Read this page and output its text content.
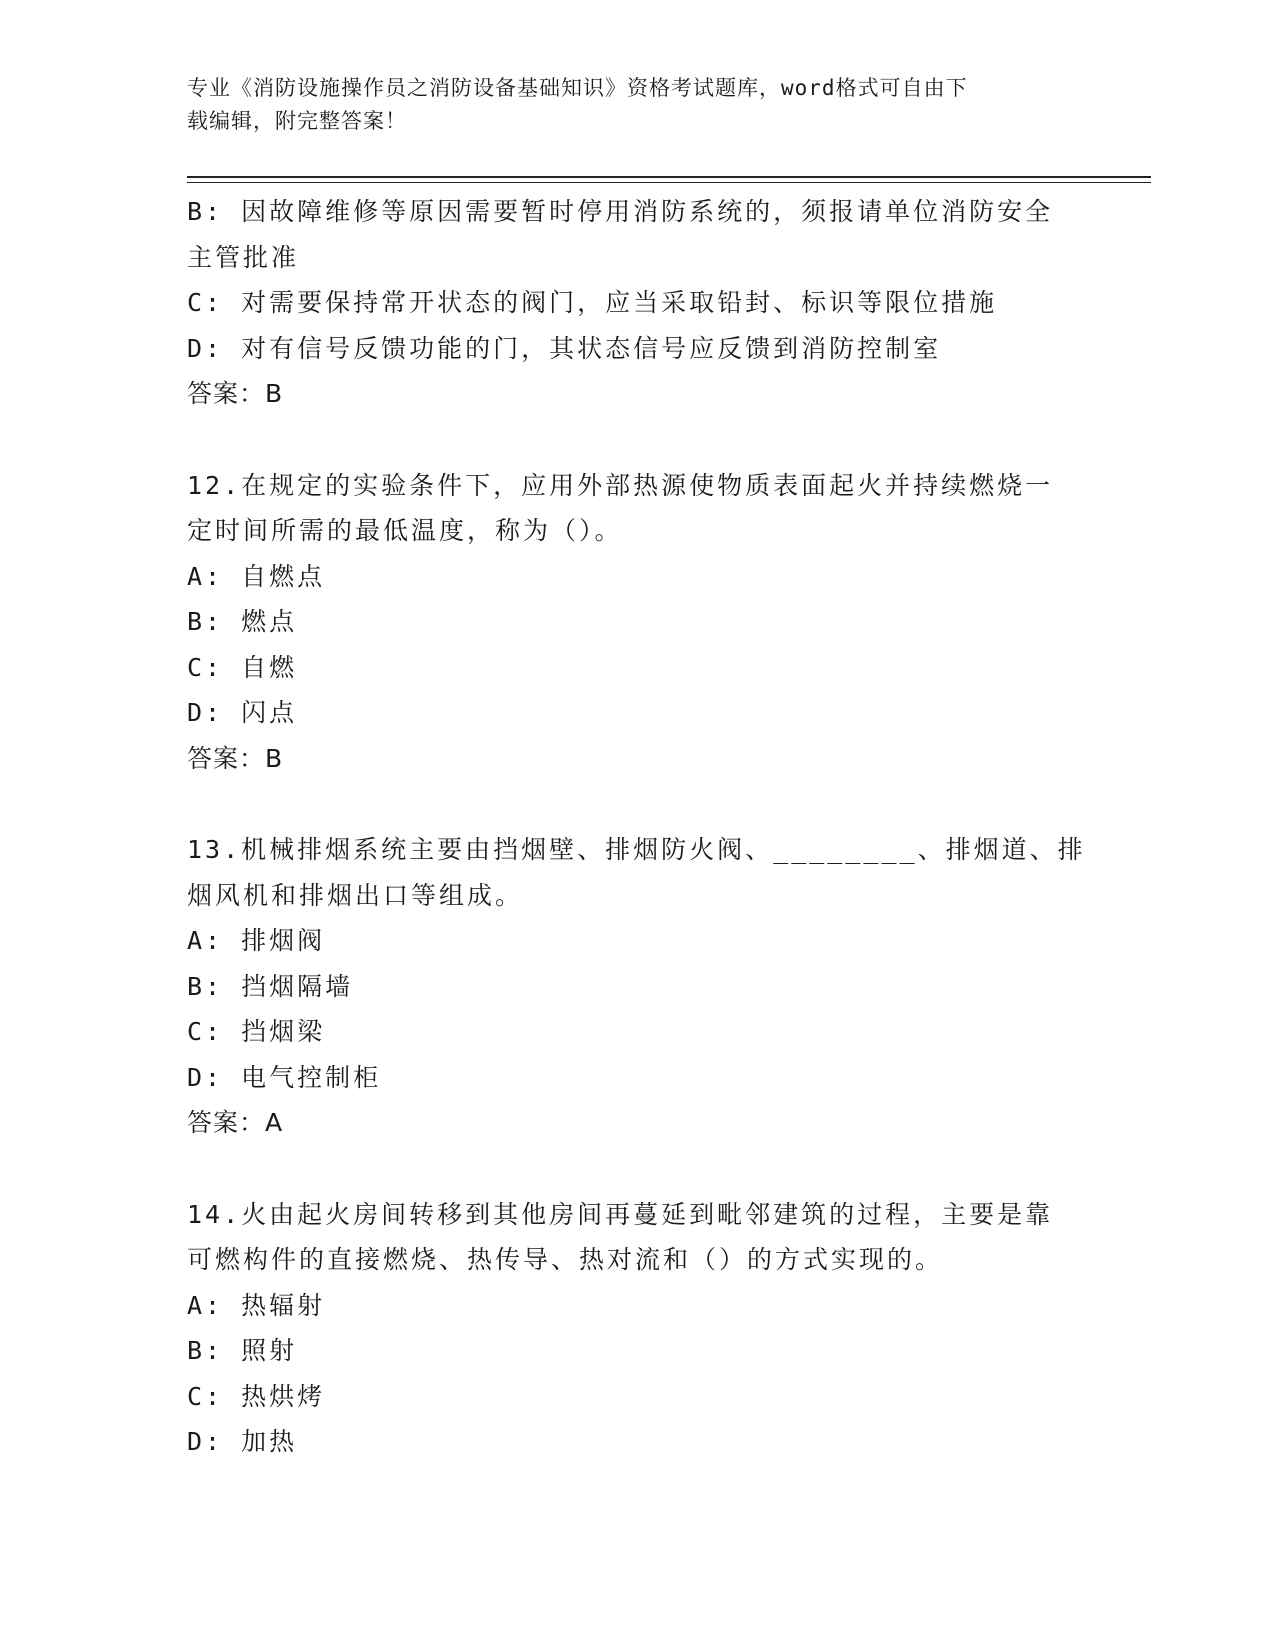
专业《消防设施操作员之消防设备基础知识》资格考试题库，word格式可自由下
载编辑，附完整答案！
B: 因故障维修等原因需要暂时停用消防系统的，须报请单位消防安全
主管批准
C: 对需要保持常开状态的阀门，应当采取铅封、标识等限位措施
D: 对有信号反馈功能的门，其状态信号应反馈到消防控制室
答案：B
12.在规定的实验条件下，应用外部热源使物质表面起火并持续燃烧一
定时间所需的最低温度，称为（）。
A: 自燃点
B: 燃点
C: 自燃
D: 闪点
答案：B
13.机械排烟系统主要由挡烟壁、排烟防火阀、________、排烟道、排
烟风机和排烟出口等组成。
A: 排烟阀
B: 挡烟隔墙
C: 挡烟梁
D: 电气控制柜
答案：A
14.火由起火房间转移到其他房间再蔓延到毗邻建筑的过程，主要是靠
可燃构件的直接燃烧、热传导、热对流和（）的方式实现的。
A: 热辐射
B: 照射
C: 热烘烤
D: 加热
